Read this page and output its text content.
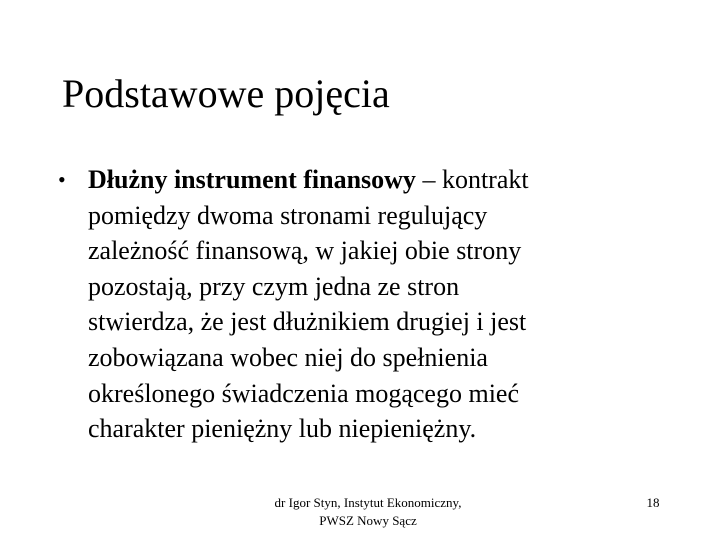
Podstawowe pojęcia
• Dłużny instrument finansowy – kontrakt
pomiędzy dwoma stronami regulujący
zależność finansową, w jakiej obie strony
pozostają, przy czym jedna ze stron
stwierdza, że jest dłużnikiem drugiej i jest
zobowiązana wobec niej do spełnienia
określonego świadczenia mogącego mieć
charakter pieniężny lub niepieniężny.
dr Igor Styn, Instytut Ekonomiczny,
PWSZ Nowy Sącz
18
